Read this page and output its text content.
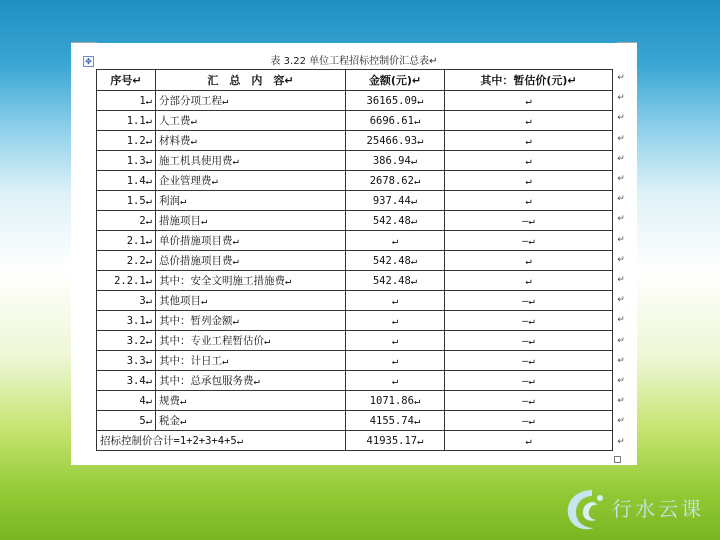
✥	表 3.22 单位工程招标控制价汇总表↵
序号↵	汇　总　内　容↵	金额(元)↵	其中：暂估价(元)↵
1↵	分部分项工程↵	36165.09↵	↵
1.1↵	人工费↵	6696.61↵	↵
1.2↵	材料费↵	25466.93↵	↵
1.3↵	施工机具使用费↵	386.94↵	↵
1.4↵	企业管理费↵	2678.62↵	↵
1.5↵	利润↵	937.44↵	↵
2↵	措施项目↵	542.48↵	—↵
2.1↵	单价措施项目费↵	↵	—↵
2.2↵	总价措施项目费↵	542.48↵	↵
2.2.1↵	其中：安全文明施工措施费↵	542.48↵	↵
3↵	其他项目↵	↵	—↵
3.1↵	其中：暂列金额↵	↵	—↵
3.2↵	其中：专业工程暂估价↵	↵	—↵
3.3↵	其中：计日工↵	↵	—↵
3.4↵	其中：总承包服务费↵	↵	—↵
4↵	规费↵	1071.86↵	—↵
5↵	税金↵	4155.74↵	—↵
招标控制价合计=1+2+3+4+5↵		41935.17↵	↵
↵
↵
↵
↵
↵
↵
↵
↵
↵
↵
↵
↵
↵
↵
↵
↵
↵
↵
↵
行水云课
